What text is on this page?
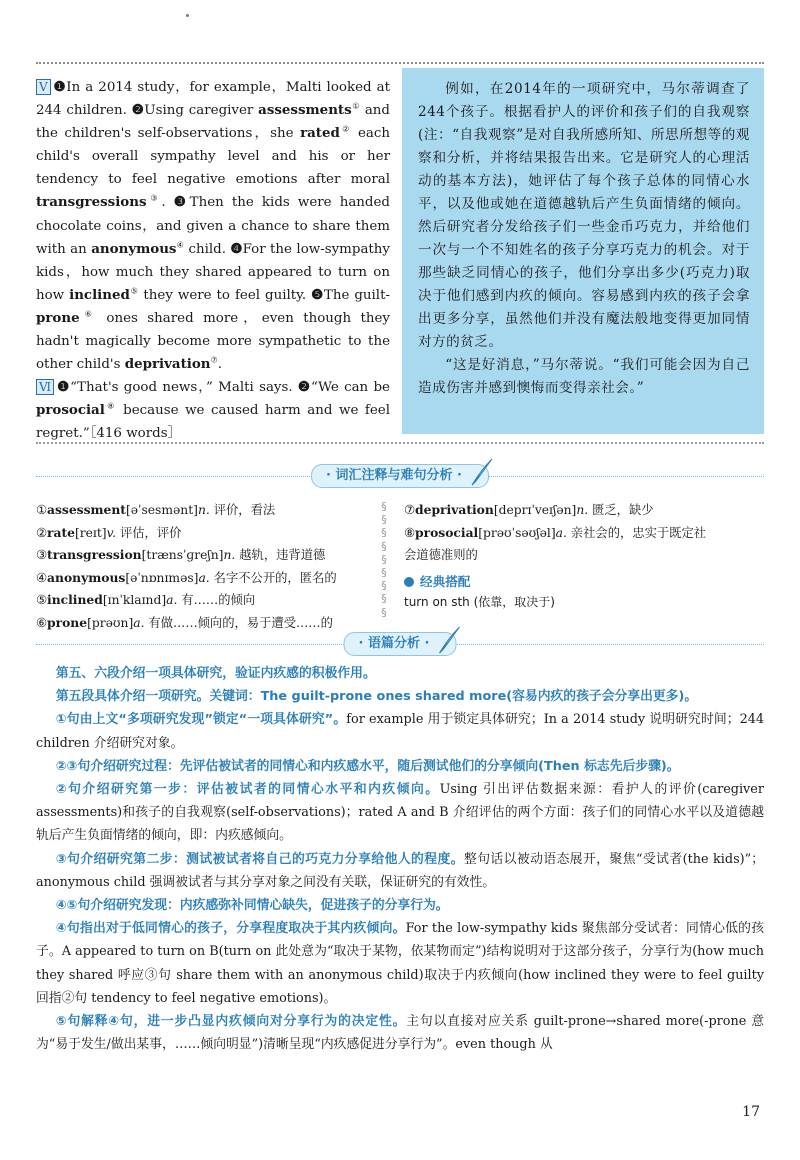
Ⅴ ❶In a 2014 study，for example，Malti looked at 244 children. ❷Using caregiver assessments① and the children's self-observations，she rated② each child's overall sympathy level and his or her tendency to feel negative emotions after moral transgressions③. ❸Then the kids were handed chocolate coins，and given a chance to share them with an anonymous④ child. ❹For the low-sympathy kids，how much they shared appeared to turn on how inclined⑤ they were to feel guilty. ❺The guilt-prone⑥ ones shared more，even though they hadn't magically become more sympathetic to the other child's deprivation⑦.

Ⅵ ❶“That's good news，” Malti says. ❷“We can be prosocial⑧ because we caused harm and we feel regret.”［416 words］

例如，在2014年的一项研究中，马尔蒂调查了244个孩子。根据看护人的评价和孩子们的自我观察(注：“自我观察”是对自我所感所知、所思所想等的观察和分析，并将结果报告出来。它是研究人的心理活动的基本方法)，她评估了每个孩子总体的同情心水平，以及他或她在道德越轨后产生负面情绪的倾向。然后研究者分发给孩子们一些金币巧克力，并给他们一次与一个不知姓名的孩子分享巧克力的机会。对于那些缺乏同情心的孩子，他们分享出多少(巧克力)取决于他们感到内疚的倾向。容易感到内疚的孩子会拿出更多分享，虽然他们并没有魔法般地变得更加同情对方的贫乏。

“这是好消息，”马尔蒂说。“我们可能会因为自己造成伤害并感到懊悔而变得亲社会。”

· 词汇注释与难句分析 ·
①assessment[əˈsesmənt]n. 评价，看法
②rate[reɪt]v. 评估，评价
③transgression[trænsˈɡreʃn]n. 越轨，违背道德
④anonymous[əˈnɒnɪməs]a. 名字不公开的，匿名的
⑤inclined[ɪnˈklaɪnd]a. 有……的倾向
⑥prone[prəʊn]a. 有做……倾向的，易于遭受……的
§
§
§
§
§
§
§
§
§
⑦deprivation[deprɪˈveɪʃən]n. 匮乏，缺少
⑧prosocial[prəʊˈsəʊʃəl]a. 亲社会的，忠实于既定社
会道德准则的
经典搭配
turn on sth (依靠，取决于)
· 语篇分析 ·

第五、六段介绍一项具体研究，验证内疚感的积极作用。

第五段具体介绍一项研究。关键词：The guilt-prone ones shared more(容易内疚的孩子会分享出更多)。

①句由上文“多项研究发现”锁定“一项具体研究”。for example 用于锁定具体研究；In a 2014 study 说明研究时间；244 children 介绍研究对象。

②③句介绍研究过程：先评估被试者的同情心和内疚感水平，随后测试他们的分享倾向(Then 标志先后步骤)。

②句介绍研究第一步：评估被试者的同情心水平和内疚倾向。Using 引出评估数据来源：看护人的评价(caregiver assessments)和孩子的自我观察(self-observations)；rated A and B 介绍评估的两个方面：孩子们的同情心水平以及道德越轨后产生负面情绪的倾向，即：内疚感倾向。

③句介绍研究第二步：测试被试者将自己的巧克力分享给他人的程度。整句话以被动语态展开，聚焦“受试者(the kids)”；anonymous child 强调被试者与其分享对象之间没有关联，保证研究的有效性。

④⑤句介绍研究发现：内疚感弥补同情心缺失，促进孩子的分享行为。

④句指出对于低同情心的孩子，分享程度取决于其内疚倾向。For the low-sympathy kids 聚焦部分受试者：同情心低的孩子。A appeared to turn on B(turn on 此处意为“取决于某物，依某物而定”)结构说明对于这部分孩子，分享行为(how much they shared 呼应③句 share them with an anonymous child)取决于内疚倾向(how inclined they were to feel guilty 回指②句 tendency to feel negative emotions)。

⑤句解释④句，进一步凸显内疚倾向对分享行为的决定性。主句以直接对应关系 guilt-prone→shared more(-prone 意为“易于发生/做出某事，……倾向明显”)清晰呈现“内疚感促进分享行为”。even though 从

17
